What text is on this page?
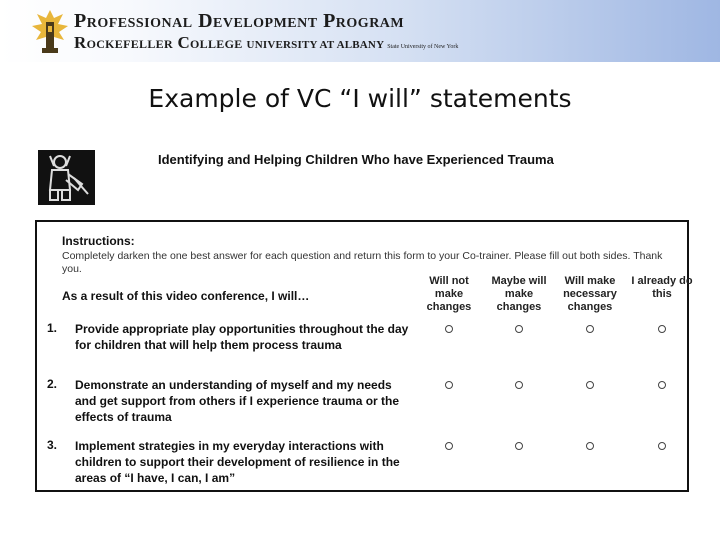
Professional Development Program
Rockefeller College UNIVERSITY AT ALBANY State University of New York
Example of VC “I will” statements
Identifying and Helping Children Who have Experienced Trauma
Instructions:
Completely darken the one best answer for each question and return this form to your Co-trainer. Please fill out both sides. Thank you.
As a result of this video conference, I will…
Will not make changes
Maybe will make changes
Will make necessary changes
I already do this
1. Provide appropriate play opportunities throughout the day for children that will help them process trauma
2. Demonstrate an understanding of myself and my needs and get support from others if I experience trauma or the effects of trauma
3. Implement strategies in my everyday interactions with children to support their development of resilience in the areas of “I have, I can, I am”
